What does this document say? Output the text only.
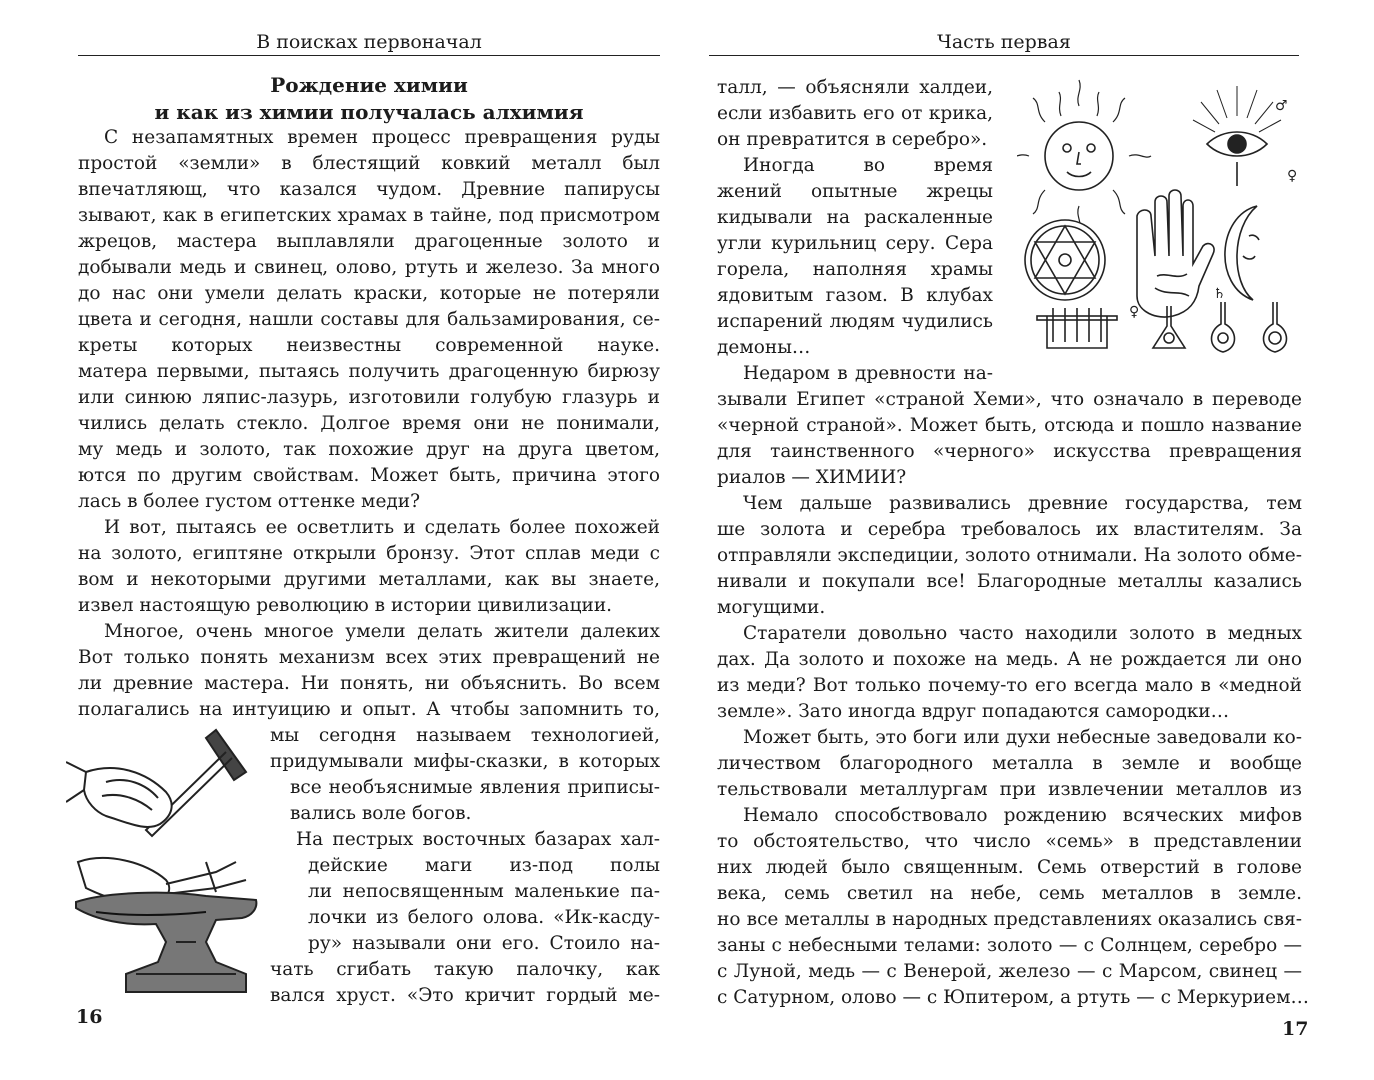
В поисках первоначал
Рождение химии
и как из химии получалась алхимия
С незапамятных времен процесс превращения руды
простой «земли» в блестящий ковкий металл был
впечатляющ, что казался чудом. Древние папирусы
зывают, как в египетских храмах в тайне, под присмотром
жрецов, мастера выплавляли драгоценные золото и
добывали медь и свинец, олово, ртуть и железо. За много
до нас они умели делать краски, которые не потеряли
цвета и сегодня, нашли составы для бальзамирования, се-
креты которых неизвестны современной науке.
матера первыми, пытаясь получить драгоценную бирюзу
или синюю ляпис-лазурь, изготовили голубую глазурь и
чились делать стекло. Долгое время они не понимали,
му медь и золото, так похожие друг на друга цветом,
ются по другим свойствам. Может быть, причина этого
лась в более густом оттенке меди?
И вот, пытаясь ее осветлить и сделать более похожей
на золото, египтяне открыли бронзу. Этот сплав меди с
вом и некоторыми другими металлами, как вы знаете,
извел настоящую революцию в истории цивилизации.
Многое, очень многое умели делать жители далеких
Вот только понять механизм всех этих превращений не
ли древние мастера. Ни понять, ни объяснить. Во всем
полагались на интуицию и опыт. А чтобы запомнить то,
мы сегодня называем технологией,
придумывали мифы-сказки, в которых
все необъяснимые явления приписы-
вались воле богов.
На пестрых восточных базарах хал-
дейские маги из-под полы
ли непосвященным маленькие па-
лочки из белого олова. «Ик-касду-
ру» называли они его. Стоило на-
чать сгибать такую палочку, как
вался хруст. «Это кричит гордый ме-
16
Часть первая
талл, — объясняли халдеи,
если избавить его от крика,
он превратится в серебро».
Иногда во время
жений опытные жрецы
кидывали на раскаленные
угли курильниц серу. Сера
горела, наполняя храмы
ядовитым газом. В клубах
испарений людям чудились
демоны…
Недаром в древности на-
зывали Египет «страной Хеми», что означало в переводе
«черной страной». Может быть, отсюда и пошло название
для таинственного «черного» искусства превращения
риалов — ХИМИИ?
Чем дальше развивались древние государства, тем
ше золота и серебра требовалось их властителям. За
отправляли экспедиции, золото отнимали. На золото обме-
нивали и покупали все! Благородные металлы казались
могущими.
Старатели довольно часто находили золото в медных
дах. Да золото и похоже на медь. А не рождается ли оно
из меди? Вот только почему-то его всегда мало в «медной
земле». Зато иногда вдруг попадаются самородки…
Может быть, это боги или духи небесные заведовали ко-
личеством благородного металла в земле и вообще
тельствовали металлургам при извлечении металлов из
Немало способствовало рождению всяческих мифов
то обстоятельство, что число «семь» в представлении
них людей было священным. Семь отверстий в голове
века, семь светил на небе, семь металлов в земле.
но все металлы в народных представлениях оказались свя-
заны с небесными телами: золото — с Солнцем, серебро —
с Луной, медь — с Венерой, железо — с Марсом, свинец —
с Сатурном, олово — с Юпитером, а ртуть — с Меркурием…
♂
♀
♀
♄
17
